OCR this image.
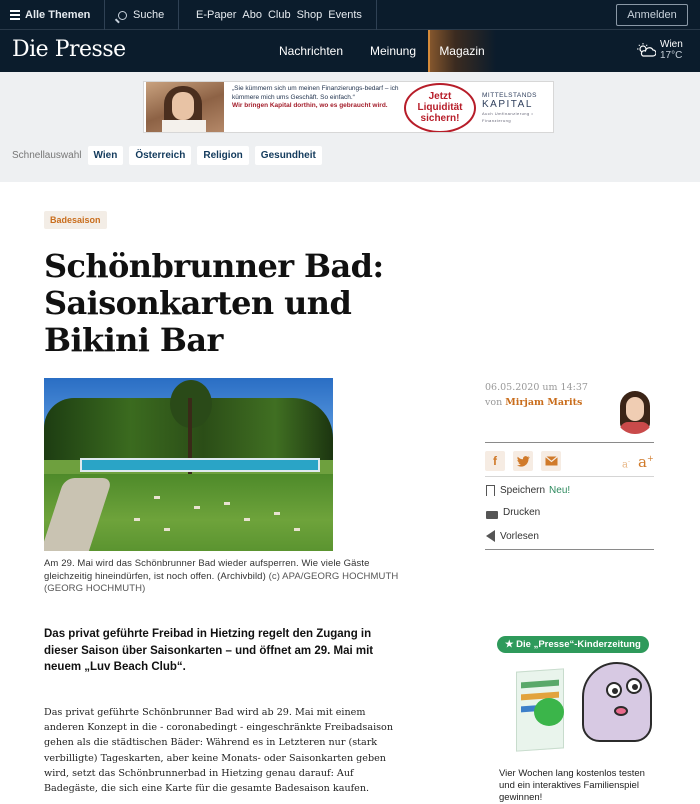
Alle Themen	Suche	E-Paper Abo Club Shop Events	Anmelden
Die Presse	Nachrichten Meinung	Magazin	Wien
17°C
„Sie kümmern sich um meinen Finanzierungs-bedarf – ich kümmere mich ums Geschäft. So einfach.“
Wir bringen Kapital dorthin, wo es gebraucht wird.
Jetzt Liquidität sichern!
MITTELSTANDS
KAPITAL
Auch Umfinanzierung • Finanzierung
Schnellauswahl	Wien	Österreich	Religion	Gesundheit
Badesaison
Schönbrunner Bad: Saisonkarten und Bikini Bar
Am 29. Mai wird das Schönbrunner Bad wieder aufsperren. Wie viele Gäste gleichzeitig hineindürfen, ist noch offen. (Archivbild) (c) APA/GEORG HOCHMUTH (GEORG HOCHMUTH)

Das privat geführte Freibad in Hietzing regelt den Zugang in dieser Saison über Saisonkarten – und öffnet am 29. Mai mit neuem „Luv Beach Club“.

Das privat geführte Schönbrunner Bad wird ab 29. Mai mit einem anderen Konzept in die - coronabedingt - eingeschränkte Freibadsaison gehen als die städtischen Bäder: Während es in Letzteren nur (stark verbilligte) Tageskarten, aber keine Monats- oder Saisonkarten geben wird, setzt das Schönbrunnerbad in Hietzing genau darauf: Auf Badegäste, die sich eine Karte für die gesamte Badesaison kaufen.

06.05.2020 um 14:37
von Mirjam Marits
f	a- a+
Speichern Neu!
Drucken
Vorlesen
★ Die „Presse“-Kinderzeitung
Vier Wochen lang kostenlos testen und ein interaktives Familienspiel gewinnen!
